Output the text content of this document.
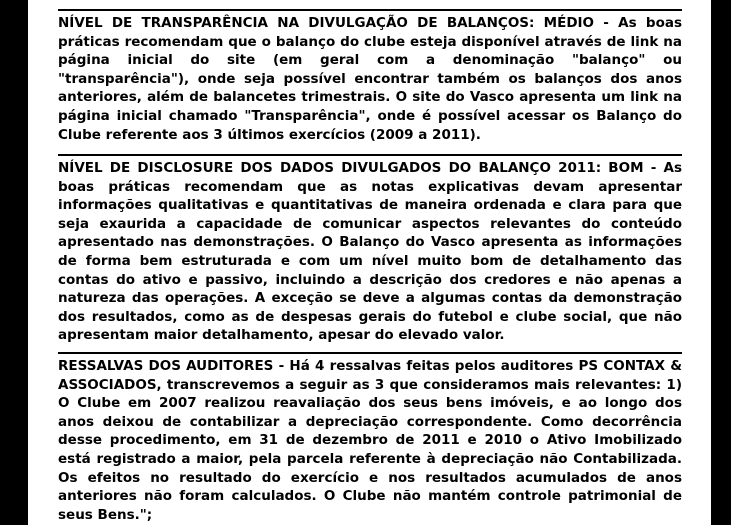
NÍVEL DE TRANSPARÊNCIA NA DIVULGAÇÃO DE BALANÇOS: MÉDIO - As boas práticas recomendam que o balanço do clube esteja disponível através de link na página inicial do site (em geral com a denominação "balanço" ou "transparência"), onde seja possível encontrar também os balanços dos anos anteriores, além de balancetes trimestrais. O site do Vasco apresenta um link na página inicial chamado "Transparência", onde é possível acessar os Balanço do Clube referente aos 3 últimos exercícios (2009 a 2011).

NÍVEL DE DISCLOSURE DOS DADOS DIVULGADOS DO BALANÇO 2011: BOM - As boas práticas recomendam que as notas explicativas devam apresentar informações qualitativas e quantitativas de maneira ordenada e clara para que seja exaurida a capacidade de comunicar aspectos relevantes do conteúdo apresentado nas demonstrações. O Balanço do Vasco apresenta as informações de forma bem estruturada e com um nível muito bom de detalhamento das contas do ativo e passivo, incluindo a descrição dos credores e não apenas a natureza das operações. A exceção se deve a algumas contas da demonstração dos resultados, como as de despesas gerais do futebol e clube social, que não apresentam maior detalhamento, apesar do elevado valor.

RESSALVAS DOS AUDITORES - Há 4 ressalvas feitas pelos auditores PS CONTAX & ASSOCIADOS, transcrevemos a seguir as 3 que consideramos mais relevantes: 1) O Clube em 2007 realizou reavaliação dos seus bens imóveis, e ao longo dos anos deixou de contabilizar a depreciação correspondente. Como decorrência desse procedimento, em 31 de dezembro de 2011 e 2010 o Ativo Imobilizado está registrado a maior, pela parcela referente à depreciação não Contabilizada. Os efeitos no resultado do exercício e nos resultados acumulados de anos anteriores não foram calculados. O Clube não mantém controle patrimonial de seus Bens.";
